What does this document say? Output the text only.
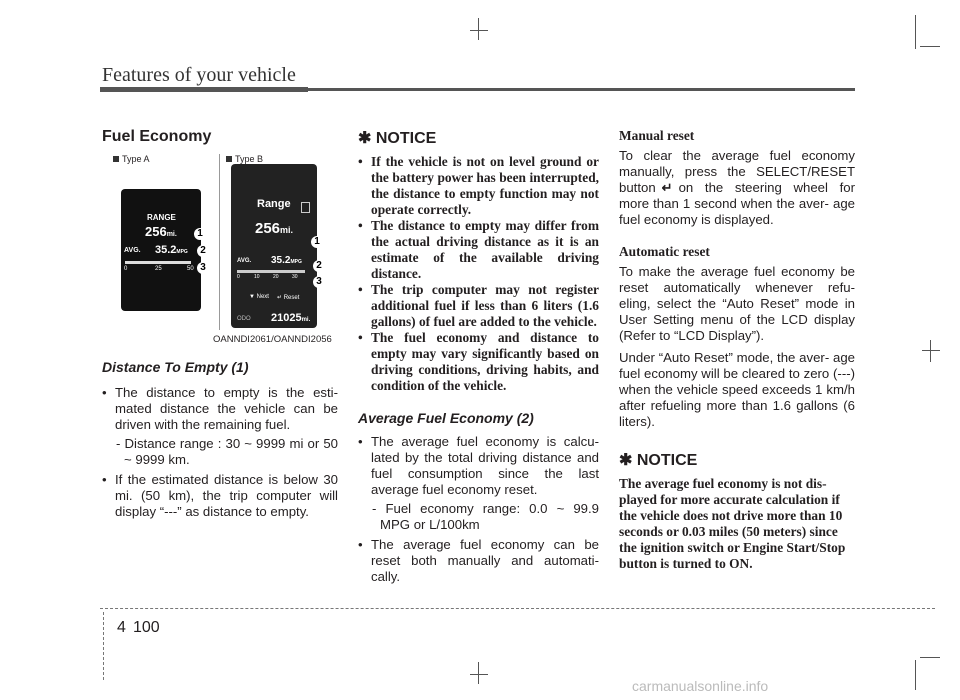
Features of your vehicle
Fuel Economy
Type A	Type B
RANGE
256mi.
AVG. 35.2MPG
0	25	50
1
2
3
Range
256mi.
AVG. 35.2MPG
0	10	20	30
▼ Next ↵ Reset
ODO 21025mi.
1
2
3
OANNDI2061/OANNDI2056
Distance To Empty (1)
• The distance to empty is the esti- mated distance the vehicle can be driven with the remaining fuel.
- Distance range : 30 ~ 9999 mi or 50 ~ 9999 km.
• If the estimated distance is below 30 mi. (50 km), the trip computer will display “---” as distance to empty.
✱ NOTICE
• If the vehicle is not on level ground or the battery power has been interrupted, the distance to empty function may not operate correctly.
• The distance to empty may differ from the actual driving distance as it is an estimate of the available driving distance.
• The trip computer may not register additional fuel if less than 6 liters (1.6 gallons) of fuel are added to the vehicle.
• The fuel economy and distance to empty may vary significantly based on driving conditions, driving habits, and condition of the vehicle.
Average Fuel Economy (2)
• The average fuel economy is calcu- lated by the total driving distance and fuel consumption since the last average fuel economy reset.
- Fuel economy range: 0.0 ~ 99.9 MPG or L/100km
• The average fuel economy can be reset both manually and automati- cally.

Manual reset

To clear the average fuel economy manually, press the SELECT/RESET button ↵ on the steering wheel for more than 1 second when the aver- age fuel economy is displayed.

Automatic reset

To make the average fuel economy be reset automatically whenever refu- eling, select the “Auto Reset” mode in User Setting menu of the LCD display (Refer to “LCD Display”).

Under “Auto Reset” mode, the aver- age fuel economy will be cleared to zero (---) when the vehicle speed exceeds 1 km/h after refueling more than 1.6 gallons (6 liters).

✱ NOTICE

The average fuel economy is not dis- played for more accurate calculation if the vehicle does not drive more than 10 seconds or 0.03 miles (50 meters) since the ignition switch or Engine Start/Stop button is turned to ON.

4 100
carmanualsonline.info
